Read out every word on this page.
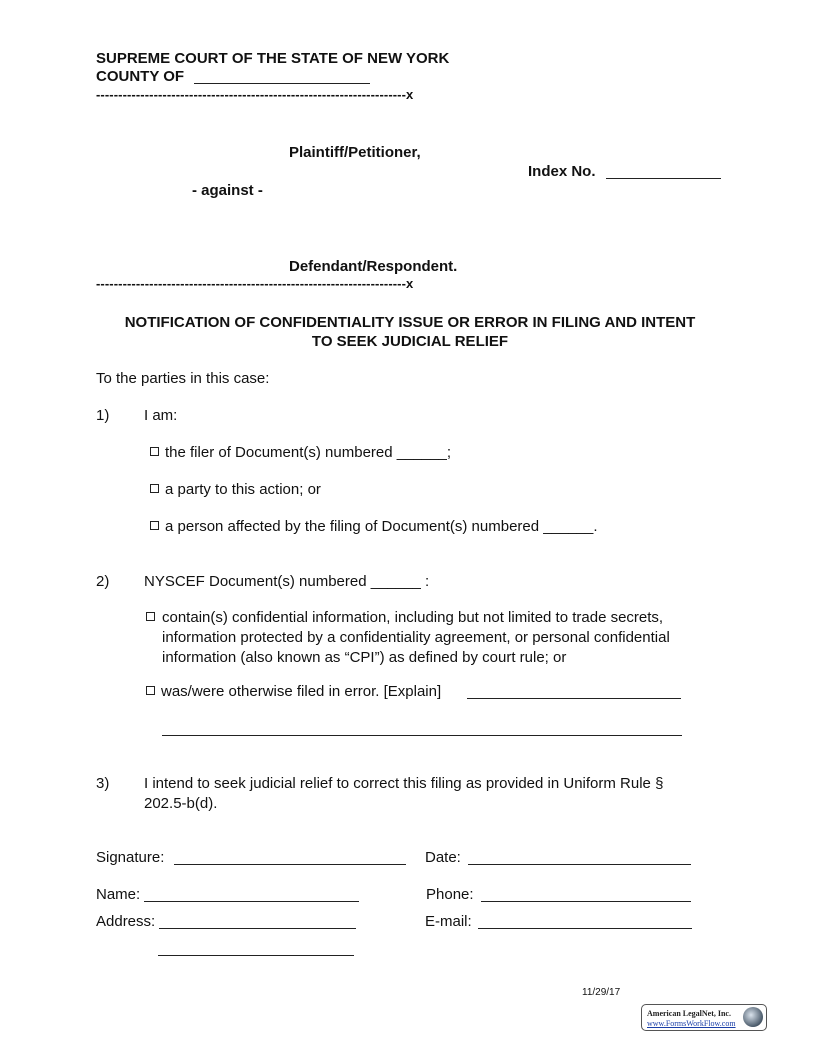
SUPREME COURT OF THE STATE OF NEW YORK
COUNTY OF
----------------------------------------------------------------------x
Plaintiff/Petitioner,
Index No.
- against -
Defendant/Respondent.
----------------------------------------------------------------------x
NOTIFICATION OF CONFIDENTIALITY ISSUE OR ERROR IN FILING AND INTENT
TO SEEK JUDICIAL RELIEF
To the parties in this case:
1) I am:
the filer of Document(s) numbered ______;
a party to this action; or
a person affected by the filing of Document(s) numbered ______.
2) NYSCEF Document(s) numbered ______ :
contain(s) confidential information, including but not limited to trade secrets,
information protected by a confidentiality agreement, or personal confidential
information (also known as “CPI”) as defined by court rule; or
was/were otherwise filed in error. [Explain]
3) I intend to seek judicial relief to correct this filing as provided in Uniform Rule §
202.5-b(d).
Signature:	Date:
Name:	Phone:
Address:	E-mail:
11/29/17
American LegalNet, Inc.
www.FormsWorkFlow.com
